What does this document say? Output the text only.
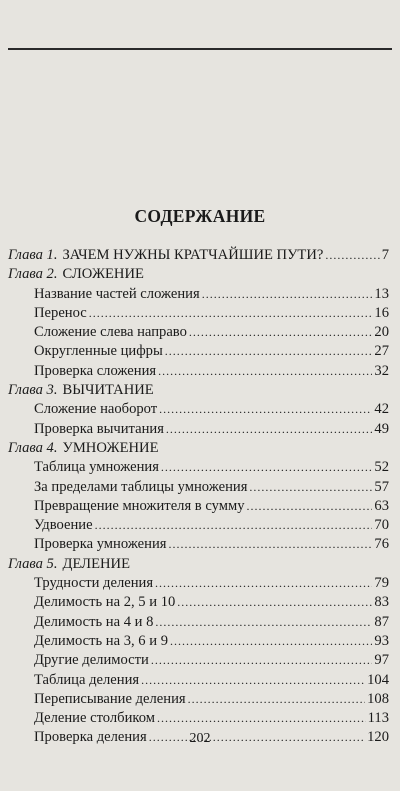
СОДЕРЖАНИЕ
Глава 1. ЗАЧЕМ НУЖНЫ КРАТЧАЙШИЕ ПУТИ? .....	7
Глава 2. СЛОЖЕНИЕ
Название частей сложения .....	13
Перенос .....	16
Сложение слева направо .....	20
Округленные цифры .....	27
Проверка сложения .....	32
Глава 3. ВЫЧИТАНИЕ
Сложение наоборот .....	42
Проверка вычитания .....	49
Глава 4. УМНОЖЕНИЕ
Таблица умножения .....	52
За пределами таблицы умножения .....	57
Превращение множителя в сумму .....	63
Удвоение .....	70
Проверка умножения .....	76
Глава 5. ДЕЛЕНИЕ
Трудности деления .....	79
Делимость на 2, 5 и 10 .....	83
Делимость на 4 и 8 .....	87
Делимость на 3, 6 и 9 .....	93
Другие делимости .....	97
Таблица деления .....	104
Переписывание деления .....	108
Деление столбиком .....	113
Проверка деления .....	120
202
